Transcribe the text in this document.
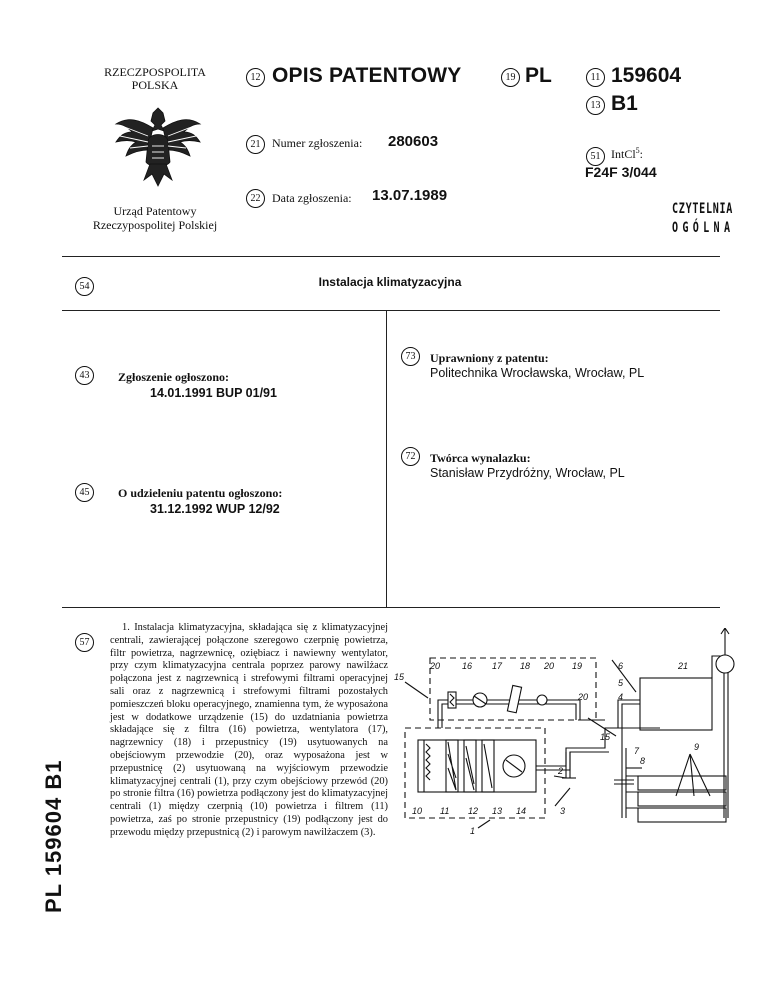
RZECZPOSPOLITA
POLSKA
Urząd Patentowy
Rzeczypospolitej Polskiej
12 OPIS PATENTOWY	19 PL	11 159604
13 B1
21 Numer zgłoszenia: 280603
22 Data zgłoszenia: 13.07.1989
51 IntCl$^5$:
F24F 3/044
CZYTELNIA
OGÓLNA
54	Instalacja klimatyzacyjna
43	Zgłoszenie ogłoszono:
14.01.1991 BUP 01/91
45	O udzieleniu patentu ogłoszono:
31.12.1992 WUP 12/92
73	Uprawniony z patentu:
Politechnika Wrocławska, Wrocław, PL
72	Twórca wynalazku:
Stanisław Przydróżny, Wrocław, PL
57

1. Instalacja klimatyzacyjna, składająca się z klimatyzacyjnej centrali, zawierającej połączone szeregowo czerpnię powietrza, filtr powietrza, nagrzewnicę, oziębiacz i nawiewny wentylator, przy czym klimatyzacyjna centrala poprzez parowy nawilżacz połączona jest z nagrzewnicą i strefowymi filtrami operacyjnej sali oraz z nagrzewnicą i strefowymi filtrami pozostałych pomieszczeń bloku operacyjnego, znamienna tym, że wyposażona jest w dodatkowe urządzenie (15) do uzdatniania powietrza składające się z filtra (16) powietrza, wentylatora (17), nagrzewnicy (18) i przepustnicy (19) usytuowanych na obejściowym przewodzie (20), oraz wyposażona jest w przepustnicę (2) usytuowaną na wyjściowym przewodzie klimatyzacyjnej centrali (1), przy czym obejściowy przewód (20) po stronie filtra (16) powietrza podłączony jest do klimatyzacyjnej centrali (1) między czerpnią (10) powietrza i filtrem (11) powietrza, zaś po stronie przepustnicy (19) podłączony jest do przewodu między przepustnicą (2) i parowym nawilżaczem (3).

PL 159604 B1
20 16 17 18 20 19	6	21
15
5
20	4
15
7
8
9
2
10 11 12 13 14	3
1
